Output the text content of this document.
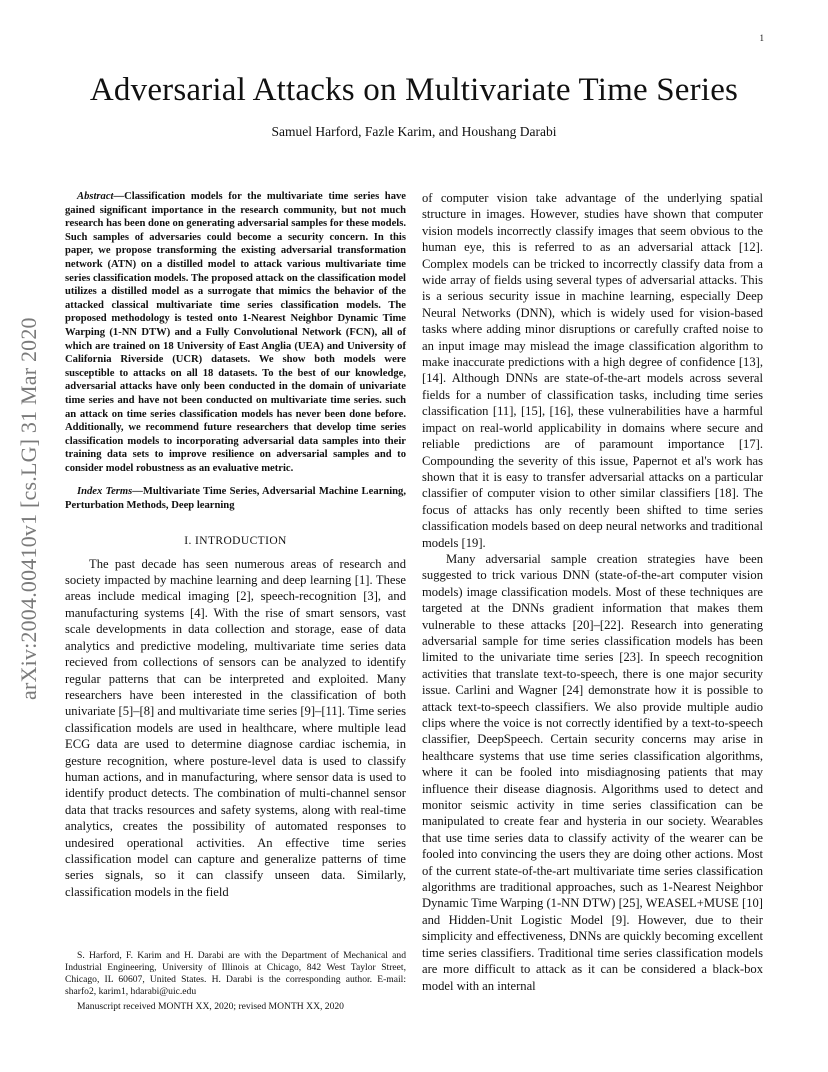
1
arXiv:2004.00410v1 [cs.LG] 31 Mar 2020
Adversarial Attacks on Multivariate Time Series
Samuel Harford, Fazle Karim, and Houshang Darabi

Abstract—Classification models for the multivariate time series have gained significant importance in the research community, but not much research has been done on generating adversarial samples for these models. Such samples of adversaries could become a security concern. In this paper, we propose transforming the existing adversarial transformation network (ATN) on a distilled model to attack various multivariate time series classification models. The proposed attack on the classification model utilizes a distilled model as a surrogate that mimics the behavior of the attacked classical multivariate time series classification models. The proposed methodology is tested onto 1-Nearest Neighbor Dynamic Time Warping (1-NN DTW) and a Fully Convolutional Network (FCN), all of which are trained on 18 University of East Anglia (UEA) and University of California Riverside (UCR) datasets. We show both models were susceptible to attacks on all 18 datasets. To the best of our knowledge, adversarial attacks have only been conducted in the domain of univariate time series and have not been conducted on multivariate time series. such an attack on time series classification models has never been done before. Additionally, we recommend future researchers that develop time series classification models to incorporating adversarial data samples into their training data sets to improve resilience on adversarial samples and to consider model robustness as an evaluative metric.

Index Terms—Multivariate Time Series, Adversarial Machine Learning, Perturbation Methods, Deep learning

I. INTRODUCTION

The past decade has seen numerous areas of research and society impacted by machine learning and deep learning [1]. These areas include medical imaging [2], speech-recognition [3], and manufacturing systems [4]. With the rise of smart sensors, vast scale developments in data collection and storage, ease of data analytics and predictive modeling, multivariate time series data recieved from collections of sensors can be analyzed to identify regular patterns that can be interpreted and exploited. Many researchers have been interested in the classification of both univariate [5]–[8] and multivariate time series [9]–[11]. Time series classification models are used in healthcare, where multiple lead ECG data are used to determine diagnose cardiac ischemia, in gesture recognition, where posture-level data is used to classify human actions, and in manufacturing, where sensor data is used to identify product detects. The combination of multi-channel sensor data that tracks resources and safety systems, along with real-time analytics, creates the possibility of automated responses to undesired operational activities. An effective time series classification model can capture and generalize patterns of time series signals, so it can classify unseen data. Similarly, classification models in the field

S. Harford, F. Karim and H. Darabi are with the Department of Mechanical and Industrial Engineering, University of Illinois at Chicago, 842 West Taylor Street, Chicago, IL 60607, United States. H. Darabi is the corresponding author. E-mail: sharfo2, karim1, hdarabi@uic.edu

Manuscript received MONTH XX, 2020; revised MONTH XX, 2020

of computer vision take advantage of the underlying spatial structure in images. However, studies have shown that computer vision models incorrectly classify images that seem obvious to the human eye, this is referred to as an adversarial attack [12]. Complex models can be tricked to incorrectly classify data from a wide array of fields using several types of adversarial attacks. This is a serious security issue in machine learning, especially Deep Neural Networks (DNN), which is widely used for vision-based tasks where adding minor disruptions or carefully crafted noise to an input image may mislead the image classification algorithm to make inaccurate predictions with a high degree of confidence [13], [14]. Although DNNs are state-of-the-art models across several fields for a number of classification tasks, including time series classification [11], [15], [16], these vulnerabilities have a harmful impact on real-world applicability in domains where secure and reliable predictions are of paramount importance [17]. Compounding the severity of this issue, Papernot et al's work has shown that it is easy to transfer adversarial attacks on a particular classifier of computer vision to other similar classifiers [18]. The focus of attacks has only recently been shifted to time series classification models based on deep neural networks and traditional models [19].

Many adversarial sample creation strategies have been suggested to trick various DNN (state-of-the-art computer vision models) image classification models. Most of these techniques are targeted at the DNNs gradient information that makes them vulnerable to these attacks [20]–[22]. Research into generating adversarial sample for time series classification models has been limited to the univariate time series [23]. In speech recognition activities that translate text-to-speech, there is one major security issue. Carlini and Wagner [24] demonstrate how it is possible to attack text-to-speech classifiers. We also provide multiple audio clips where the voice is not correctly identified by a text-to-speech classifier, DeepSpeech. Certain security concerns may arise in healthcare systems that use time series classification algorithms, where it can be fooled into misdiagnosing patients that may influence their disease diagnosis. Algorithms used to detect and monitor seismic activity in time series classification can be manipulated to create fear and hysteria in our society. Wearables that use time series data to classify activity of the wearer can be fooled into convincing the users they are doing other actions. Most of the current state-of-the-art multivariate time series classification algorithms are traditional approaches, such as 1-Nearest Neighbor Dynamic Time Warping (1-NN DTW) [25], WEASEL+MUSE [10] and Hidden-Unit Logistic Model [9]. However, due to their simplicity and effectiveness, DNNs are quickly becoming excellent time series classifiers. Traditional time series classification models are more difficult to attack as it can be considered a black-box model with an internal
